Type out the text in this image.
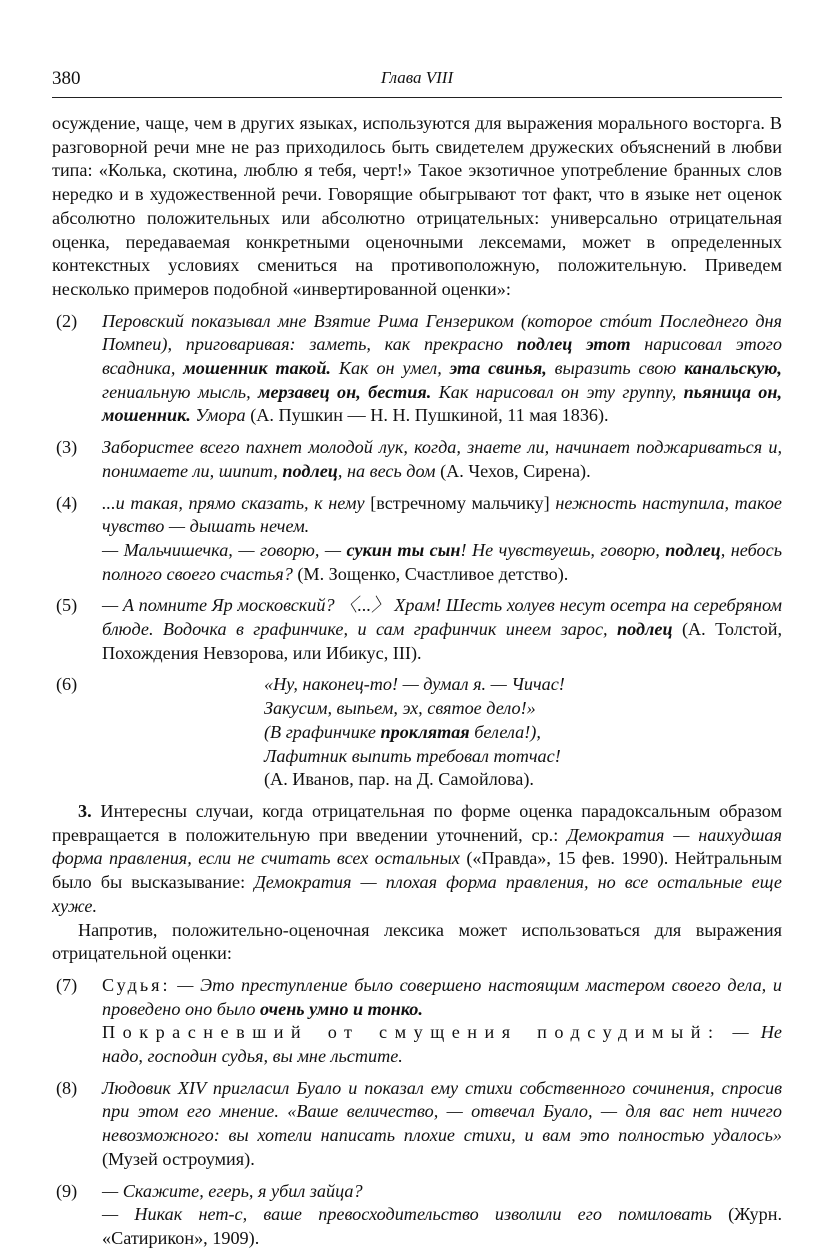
380	Глава VIII

осуждение, чаще, чем в других языках, используются для выражения морального восторга. В разговорной речи мне не раз приходилось быть свидетелем дружеских объяснений в любви типа: «Колька, скотина, люблю я тебя, черт!» Такое экзотичное употребление бранных слов нередко и в художественной речи. Говорящие обыгрывают тот факт, что в языке нет оценок абсолютно положительных или абсолютно отрицательных: универсально отрицательная оценка, передаваемая конкретными оценочными лексемами, может в определенных контекстных условиях смениться на противоположную, положительную. Приведем несколько примеров подобной «инвертированной оценки»:

(2)	Перовский показывал мне Взятие Рима Гензериком (которое стóит Последнего дня Помпеи), приговаривая: заметь, как прекрасно подлец этот нарисовал этого всадника, мошенник такой. Как он умел, эта свинья, выразить свою канальскую, гениальную мысль, мерзавец он, бестия. Как нарисовал он эту группу, пьяница он, мошенник. Умора (А. Пушкин — Н. Н. Пушкиной, 11 мая 1836).
(3)	Забористее всего пахнет молодой лук, когда, знаете ли, начинает поджариваться и, понимаете ли, шипит, подлец, на весь дом (А. Чехов, Сирена).
(4)	...и такая, прямо сказать, к нему [встречному мальчику] нежность наступила, такое чувство — дышать нечем.
— Мальчишечка, — говорю, — сукин ты сын! Не чувствуешь, говорю, подлец, небось полного своего счастья? (М. Зощенко, Счастливое детство).
(5)	— А помните Яр московский? 〈...〉 Храм! Шесть холуев несут осетра на серебряном блюде. Водочка в графинчике, и сам графинчик инеем зарос, подлец (А. Толстой, Похождения Невзорова, или Ибикус, III).
(6)	«Ну, наконец-то! — думал я. — Чичас!
Закусим, выпьем, эх, святое дело!»
(В графинчике проклятая белела!),
Лафитник выпить требовал тотчас!
(А. Иванов, пар. на Д. Самойлова).

3. Интересны случаи, когда отрицательная по форме оценка парадоксальным образом превращается в положительную при введении уточнений, ср.: Демократия — наихудшая форма правления, если не считать всех остальных («Правда», 15 фев. 1990). Нейтральным было бы высказывание: Демократия — плохая форма правления, но все остальные еще хуже.

Напротив, положительно-оценочная лексика может использоваться для выражения отрицательной оценки:

(7)	Судья: — Это преступление было совершено настоящим мастером своего дела, и проведено оно было очень умно и тонко.
Покрасневший от смущения подсудимый: — Не надо, господин судья, вы мне льстите.
(8)	Людовик XIV пригласил Буало и показал ему стихи собственного сочинения, спросив при этом его мнение. «Ваше величество, — отвечал Буало, — для вас нет ничего невозможного: вы хотели написать плохие стихи, и вам это полностью удалось» (Музей остроумия).
(9)	— Скажите, егерь, я убил зайца?
— Никак нет-с, ваше превосходительство изволили его помиловать (Журн. «Сатирикон», 1909).
